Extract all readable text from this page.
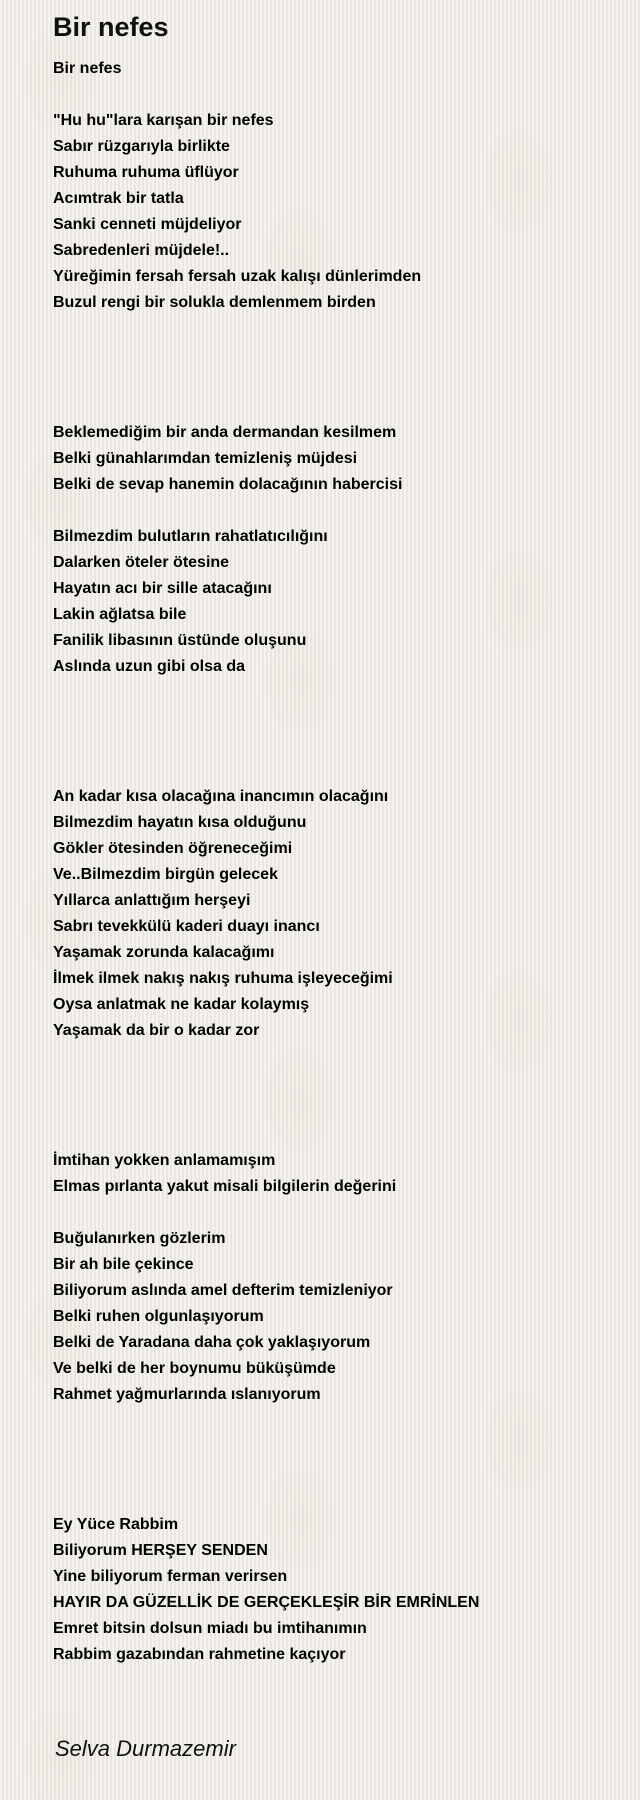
Bir nefes
Bir nefes
"Hu hu"lara karışan bir nefes
Sabır rüzgarıyla birlikte
Ruhuma ruhuma üflüyor
Acımtrak bir tatla
Sanki cenneti müjdeliyor
Sabredenleri müjdele!..
Yüreğimin fersah fersah uzak kalışı dünlerimden
Buzul rengi bir solukla demlenmem birden
Beklemediğim bir anda dermandan kesilmem
Belki günahlarımdan temizleniş müjdesi
Belki de sevap hanemin dolacağının habercisi
Bilmezdim bulutların rahatlatıcılığını
Dalarken öteler ötesine
Hayatın acı bir sille atacağını
Lakin ağlatsa bile
Fanilik libasının üstünde oluşunu
Aslında uzun gibi olsa da
An kadar kısa olacağına inancımın olacağını
Bilmezdim hayatın kısa olduğunu
Gökler ötesinden öğreneceğimi
Ve..Bilmezdim birgün gelecek
Yıllarca anlattığım herşeyi
Sabrı tevekkülü kaderi duayı inancı
Yaşamak zorunda kalacağımı
İlmek ilmek nakış nakış ruhuma işleyeceğimi
Oysa anlatmak ne kadar kolaymış
Yaşamak da bir o kadar zor
İmtihan yokken anlamamışım
Elmas pırlanta yakut misali bilgilerin değerini
Buğulanırken gözlerim
Bir ah bile çekince
Biliyorum aslında amel defterim temizleniyor
Belki ruhen olgunlaşıyorum
Belki de Yaradana daha çok yaklaşıyorum
Ve belki de her boynumu büküşümde
Rahmet yağmurlarında ıslanıyorum
Ey Yüce Rabbim
Biliyorum HERŞEY SENDEN
Yine biliyorum ferman verirsen
HAYIR DA GÜZELLİK DE GERÇEKLEŞİR BİR EMRİNLEN
Emret bitsin dolsun miadı bu imtihanımın
Rabbim gazabından rahmetine kaçıyor
Selva Durmazemir
